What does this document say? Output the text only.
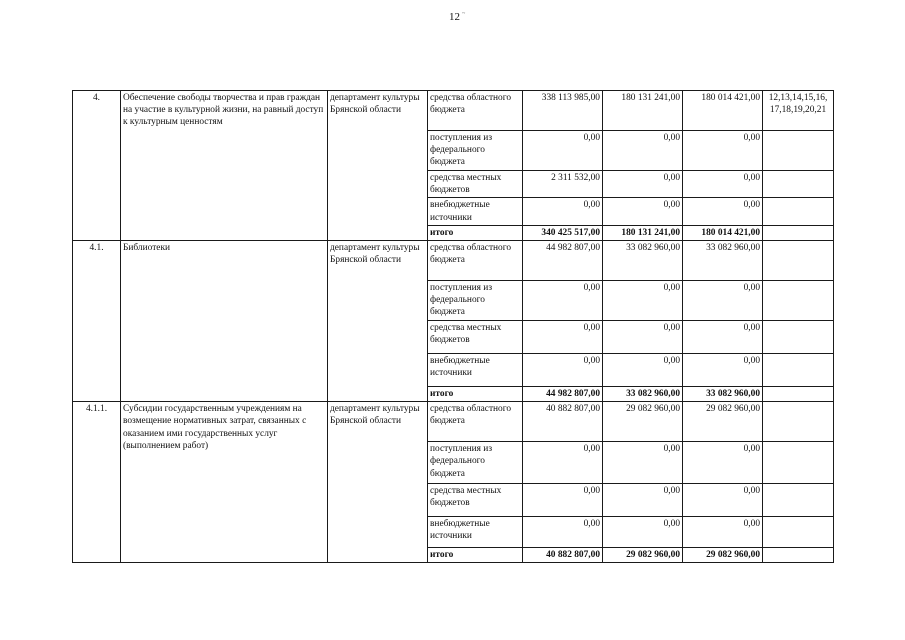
12 ~
4.	Обеспечение свободы творчества и прав граждан на участие в культурной жизни, на равный доступ к культурным ценностям	департамент культуры Брянской области	средства областного бюджета	338 113 985,00	180 131 241,00	180 014 421,00	12,13,14,15,16, 17,18,19,20,21
			поступления из федерального бюджета	0,00	0,00	0,00	
			средства местных бюджетов	2 311 532,00	0,00	0,00	
			внебюджетные источники	0,00	0,00	0,00	
			итого	340 425 517,00	180 131 241,00	180 014 421,00	
4.1.	Библиотеки	департамент культуры Брянской области	средства областного бюджета	44 982 807,00	33 082 960,00	33 082 960,00	
			поступления из федерального бюджета	0,00	0,00	0,00	
			средства местных бюджетов	0,00	0,00	0,00	
			внебюджетные источники	0,00	0,00	0,00	
			итого	44 982 807,00	33 082 960,00	33 082 960,00	
4.1.1.	Субсидии государственным учреждениям на возмещение нормативных затрат, связанных с оказанием ими государственных услуг (выполнением работ)	департамент культуры Брянской области	средства областного бюджета	40 882 807,00	29 082 960,00	29 082 960,00	
			поступления из федерального бюджета	0,00	0,00	0,00	
			средства местных бюджетов	0,00	0,00	0,00	
			внебюджетные источники	0,00	0,00	0,00	
			итого	40 882 807,00	29 082 960,00	29 082 960,00	
